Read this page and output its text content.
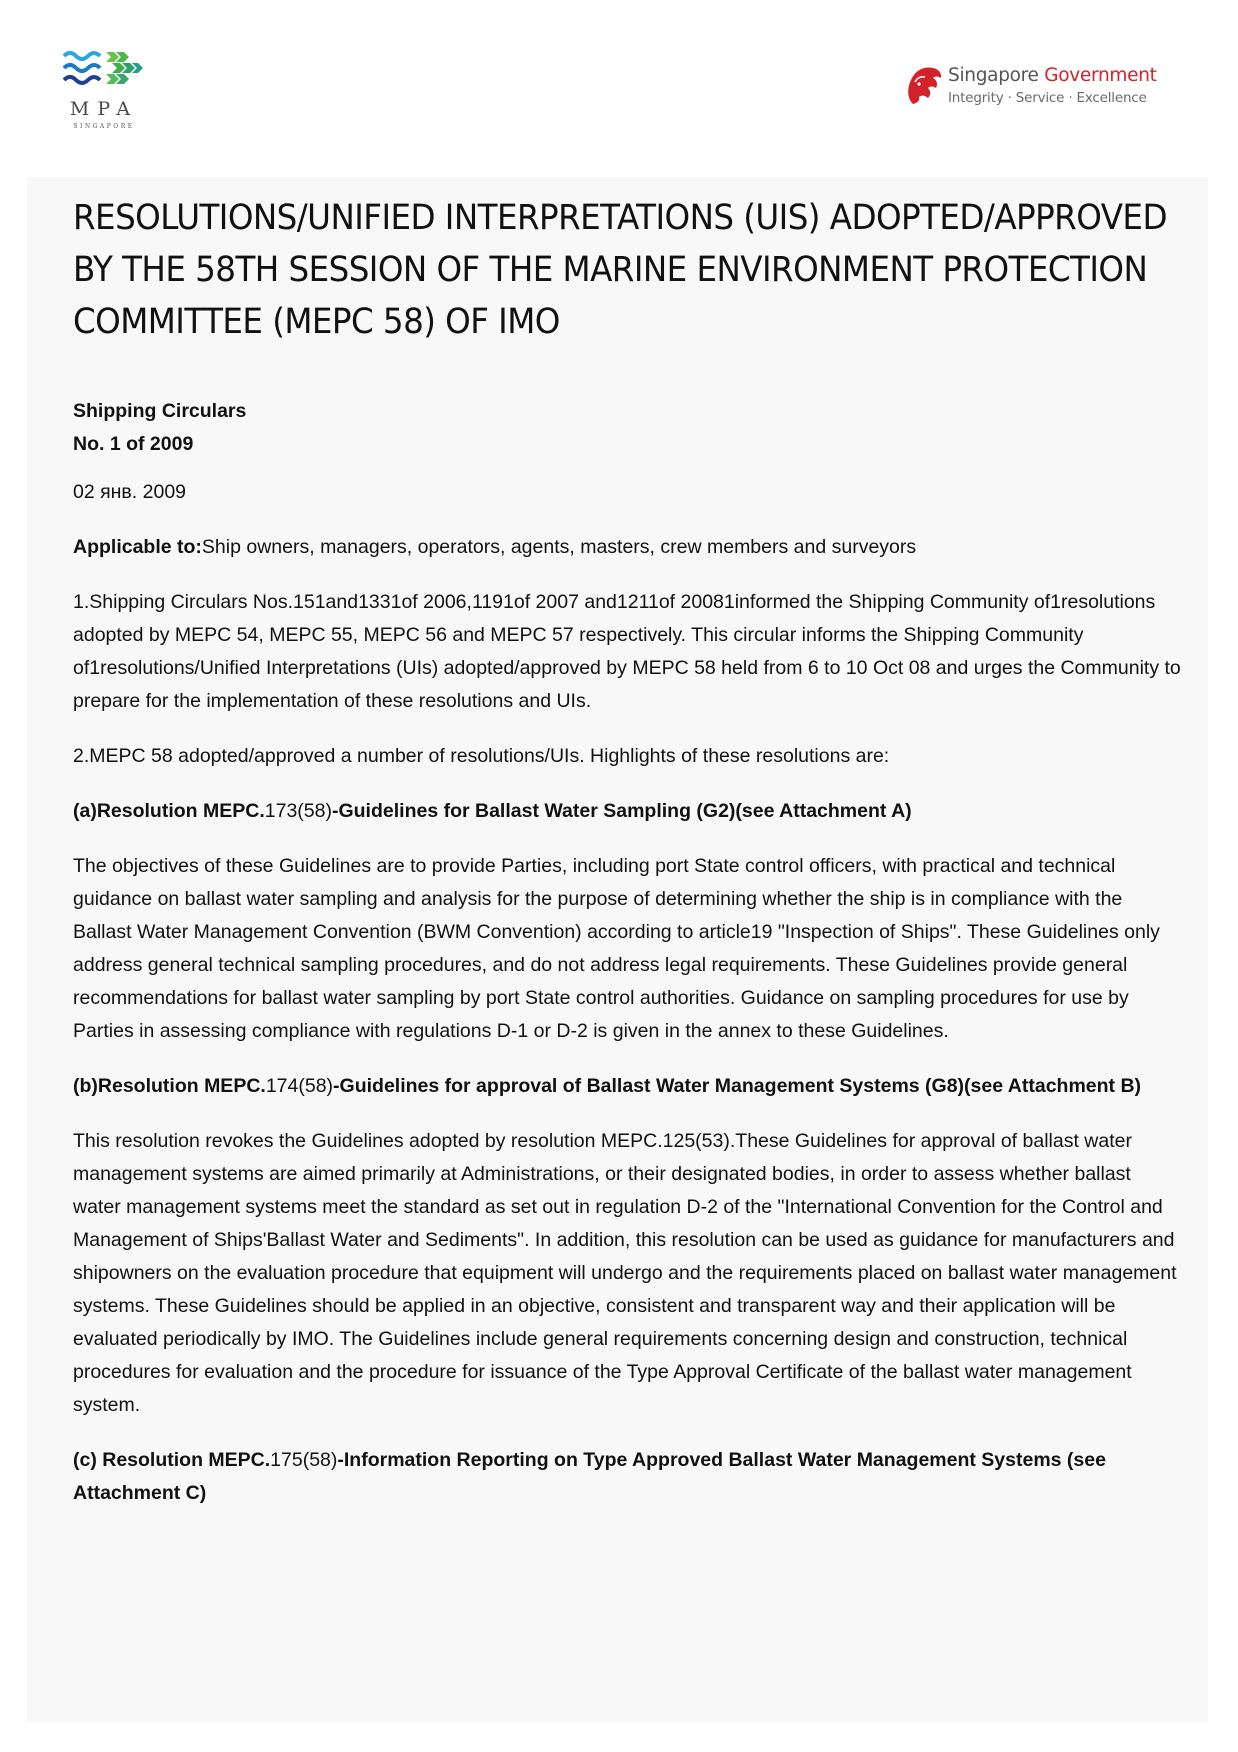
MPA
SINGAPORE
Singapore Government
Integrity · Service · Excellence
RESOLUTIONS/UNIFIED INTERPRETATIONS (UIS) ADOPTED/APPROVED BY THE 58TH SESSION OF THE MARINE ENVIRONMENT PROTECTION COMMITTEE (MEPC 58) OF IMO
Shipping Circulars
No. 1 of 2009

02 янв. 2009

Applicable to:Ship owners, managers, operators, agents, masters, crew members and surveyors

1.Shipping Circulars Nos.151and1331of 2006,1191of 2007 and1211of 20081informed the Shipping Community of1resolutions adopted by MEPC 54, MEPC 55, MEPC 56 and MEPC 57 respectively. This circular informs the Shipping Community of1resolutions/Unified Interpretations (UIs) adopted/approved by MEPC 58 held from 6 to 10 Oct 08 and urges the Community to prepare for the implementation of these resolutions and UIs.

2.MEPC 58 adopted/approved a number of resolutions/UIs. Highlights of these resolutions are:

(a)Resolution MEPC.173(58)-Guidelines for Ballast Water Sampling (G2)(see Attachment A)

The objectives of these Guidelines are to provide Parties, including port State control officers, with practical and technical guidance on ballast water sampling and analysis for the purpose of determining whether the ship is in compliance with the Ballast Water Management Convention (BWM Convention) according to article19 "Inspection of Ships". These Guidelines only address general technical sampling procedures, and do not address legal requirements. These Guidelines provide general recommendations for ballast water sampling by port State control authorities. Guidance on sampling procedures for use by Parties in assessing compliance with regulations D-1 or D-2 is given in the annex to these Guidelines.

(b)Resolution MEPC.174(58)-Guidelines for approval of Ballast Water Management Systems (G8)(see Attachment B)

This resolution revokes the Guidelines adopted by resolution MEPC.125(53).These Guidelines for approval of ballast water management systems are aimed primarily at Administrations, or their designated bodies, in order to assess whether ballast water management systems meet the standard as set out in regulation D-2 of the "International Convention for the Control and Management of Ships'Ballast Water and Sediments". In addition, this resolution can be used as guidance for manufacturers and shipowners on the evaluation procedure that equipment will undergo and the requirements placed on ballast water management systems. These Guidelines should be applied in an objective, consistent and transparent way and their application will be evaluated periodically by IMO. The Guidelines include general requirements concerning design and construction, technical procedures for evaluation and the procedure for issuance of the Type Approval Certificate of the ballast water management system.

(c) Resolution MEPC.175(58)-Information Reporting on Type Approved Ballast Water Management Systems (see Attachment C)
